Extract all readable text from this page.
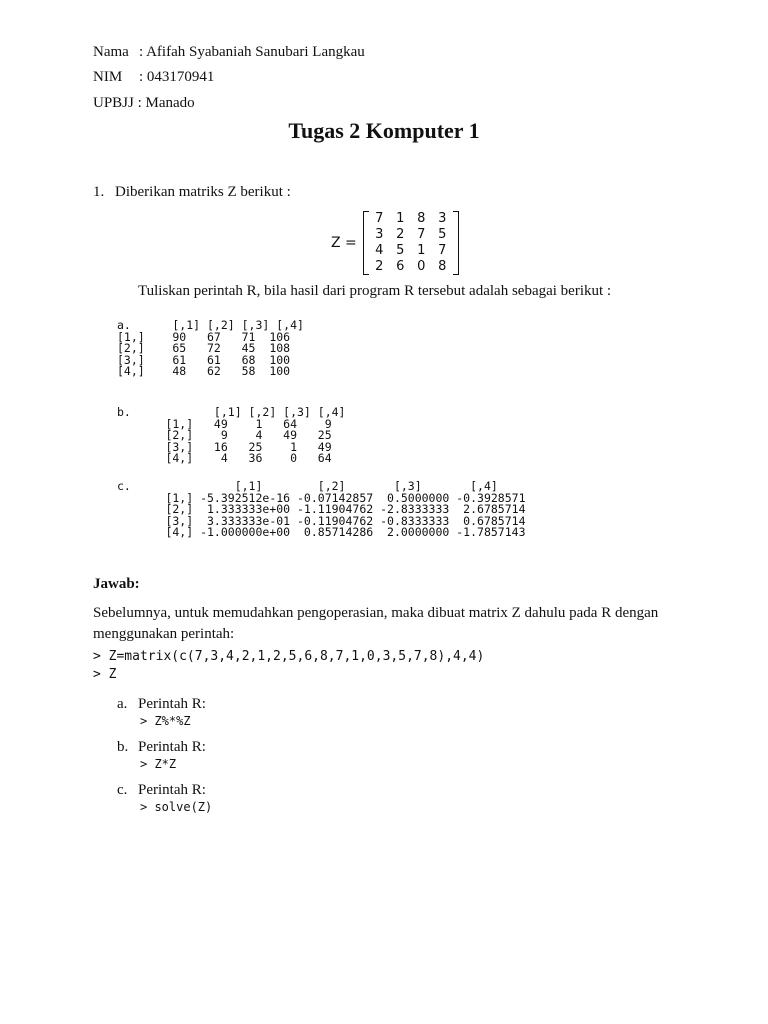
Nama : Afifah Syabaniah Sanubari Langkau
NIM : 043170941
UPBJJ : Manado
Tugas 2 Komputer 1
1. Diberikan matriks Z berikut :
Z =
7	1	8	3
3	2	7	5
4	5	1	7
2	6	0	8
Tuliskan perintah R, bila hasil dari program R tersebut adalah sebagai berikut :
a.      [,1] [,2] [,3] [,4]
[1,]    90   67   71  106
[2,]    65   72   45  108
[3,]    61   61   68  100
[4,]    48   62   58  100
b.            [,1] [,2] [,3] [,4]
[1,]   49    1   64    9
[2,]    9    4   49   25
[3,]   16   25    1   49
[4,]    4   36    0   64
c.               [,1]        [,2]       [,3]       [,4]
[1,] -5.392512e-16 -0.07142857  0.5000000 -0.3928571
[2,]  1.333333e+00 -1.11904762 -2.8333333  2.6785714
[3,]  3.333333e-01 -0.11904762 -0.8333333  0.6785714
[4,] -1.000000e+00  0.85714286  2.0000000 -1.7857143
Jawab:
Sebelumnya, untuk memudahkan pengoperasian, maka dibuat matrix Z dahulu pada R dengan menggunakan perintah:
> Z=matrix(c(7,3,4,2,1,2,5,6,8,7,1,0,3,5,7,8),4,4)
> Z
a. Perintah R:
> Z%*%Z
b. Perintah R:
> Z*Z
c. Perintah R:
> solve(Z)
